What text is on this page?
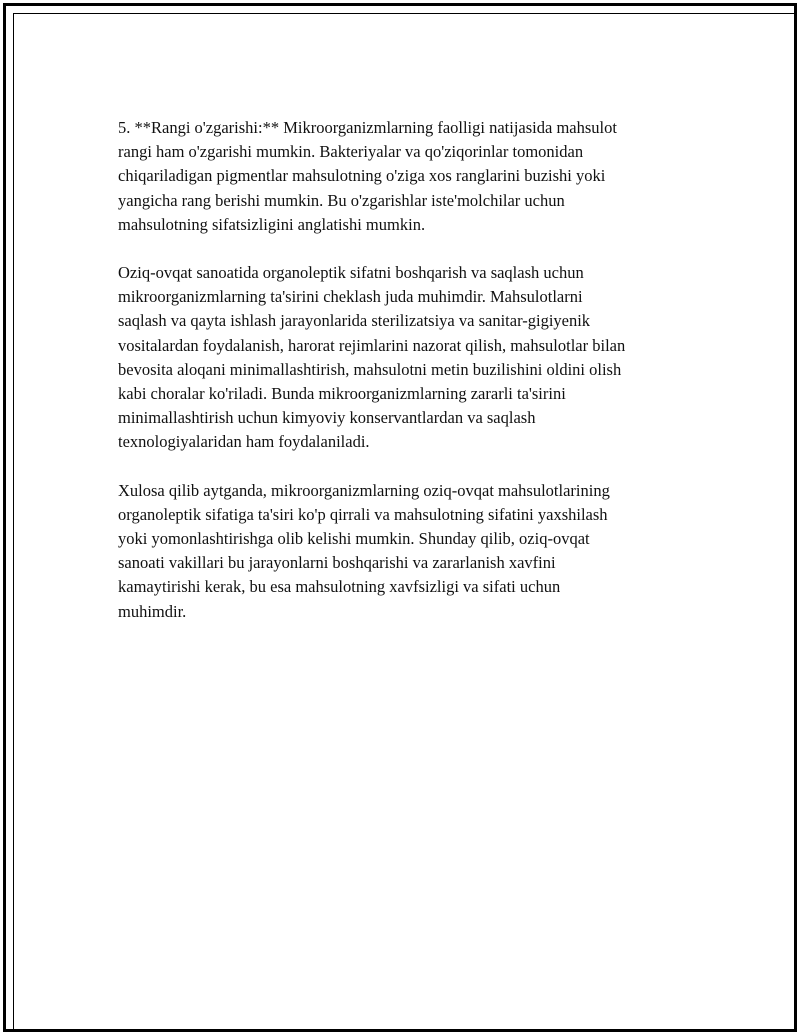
5. **Rangi o'zgarishi:** Mikroorganizmlarning faolligi natijasida mahsulot
rangi ham o'zgarishi mumkin. Bakteriyalar va qo'ziqorinlar tomonidan
chiqariladigan pigmentlar mahsulotning o'ziga xos ranglarini buzishi yoki
yangicha rang berishi mumkin. Bu o'zgarishlar iste'molchilar uchun
mahsulotning sifatsizligini anglatishi mumkin.

Oziq-ovqat sanoatida organoleptik sifatni boshqarish va saqlash uchun
mikroorganizmlarning ta'sirini cheklash juda muhimdir. Mahsulotlarni
saqlash va qayta ishlash jarayonlarida sterilizatsiya va sanitar-gigiyenik
vositalardan foydalanish, harorat rejimlarini nazorat qilish, mahsulotlar bilan
bevosita aloqani minimallashtirish, mahsulotni metin buzilishini oldini olish
kabi choralar ko'riladi. Bunda mikroorganizmlarning zararli ta'sirini
minimallashtirish uchun kimyoviy konservantlardan va saqlash
texnologiyalaridan ham foydalaniladi.

Xulosa qilib aytganda, mikroorganizmlarning oziq-ovqat mahsulotlarining
organoleptik sifatiga ta'siri ko'p qirrali va mahsulotning sifatini yaxshilash
yoki yomonlashtirishga olib kelishi mumkin. Shunday qilib, oziq-ovqat
sanoati vakillari bu jarayonlarni boshqarishi va zararlanish xavfini
kamaytirishi kerak, bu esa mahsulotning xavfsizligi va sifati uchun
muhimdir.
